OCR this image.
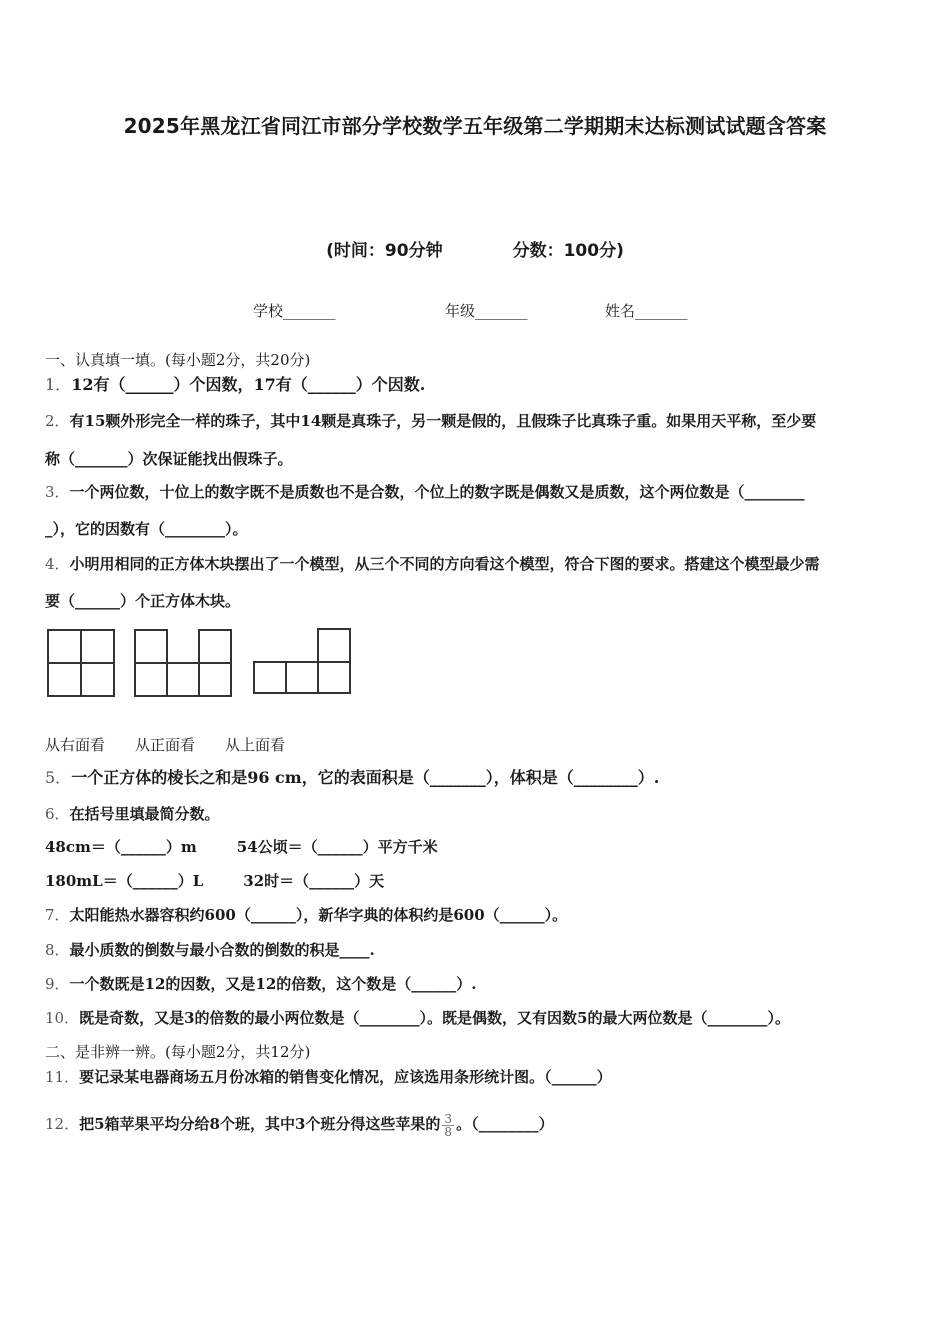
2025年黑龙江省同江市部分学校数学五年级第二学期期末达标测试试题含答案
(时间：90分钟	分数：100分)
学校_______	年级_______	姓名_______
一、认真填一填。(每小题2分，共20分)
1．12有（______）个因数，17有（______）个因数.
2．有15颗外形完全一样的珠子，其中14颗是真珠子，另一颗是假的，且假珠子比真珠子重。如果用天平称，至少要
称（_______）次保证能找出假珠子。
3．一个两位数，十位上的数字既不是质数也不是合数，个位上的数字既是偶数又是质数，这个两位数是（________
_），它的因数有（________）。
4．小明用相同的正方体木块摆出了一个模型，从三个不同的方向看这个模型，符合下图的要求。搭建这个模型最少需
要（______）个正方体木块。
从右面看 从正面看 从上面看
5．一个正方体的棱长之和是96 cm，它的表面积是（_______），体积是（________）.
6．在括号里填最简分数。
48cm＝（______）m	54公顷＝（______）平方千米
180mL＝（______）L	32时＝（______）天
7．太阳能热水器容积约600（______），新华字典的体积约是600（______）。
8．最小质数的倒数与最小合数的倒数的积是____.
9．一个数既是12的因数，又是12的倍数，这个数是（______）.
10．既是奇数，又是3的倍数的最小两位数是（________）。既是偶数，又有因数5的最大两位数是（________）。
二、是非辨一辨。(每小题2分，共12分)
11．要记录某电器商场五月份冰箱的销售变化情况，应该选用条形统计图。（______）
12．把5箱苹果平均分给8个班，其中3个班分得这些苹果的 $\frac{3}{8}$ 。（________）
